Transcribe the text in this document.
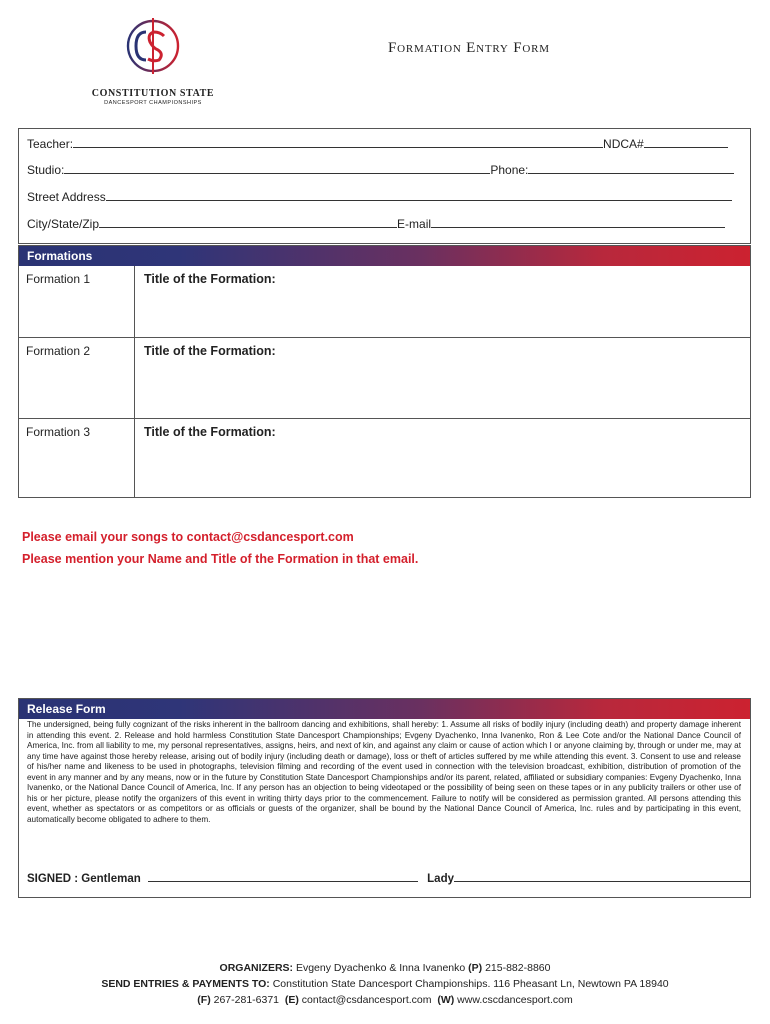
CONSTITUTION STATE
DANCESPORT CHAMPIONSHIPS
Formation Entry Form
Teacher:	NDCA#
Studio:	Phone:
Street Address
City/State/Zip	E-mail
Formations
Formation 1	Title of the Formation:
Formation 2	Title of the Formation:
Formation 3	Title of the Formation:
Please email your songs to contact@csdancesport.com
Please mention your Name and Title of the Formation in that email.
Release Form
The undersigned, being fully cognizant of the risks inherent in the ballroom dancing and exhibitions, shall hereby: 1. Assume all risks of bodily injury (including death) and property damage inherent in attending this event. 2. Release and hold harmless Constitution State Dancesport Championships; Evgeny Dyachenko, Inna Ivanenko, Ron & Lee Cote and/or the National Dance Council of America, Inc. from all liability to me, my personal representatives, assigns, heirs, and next of kin, and against any claim or cause of action which I or anyone claiming by, through or under me, may at any time have against those hereby release, arising out of bodily injury (including death or damage), loss or theft of articles suffered by me while attending this event. 3. Consent to use and release of his/her name and likeness to be used in photographs, television filming and recording of the event used in connection with the television broadcast, exhibition, distribution of promotion of the event in any manner and by any means, now or in the future by Constitution State Dancesport Championships and/or its parent, related, affiliated or subsidiary companies: Evgeny Dyachenko, Inna Ivanenko, or the National Dance Council of America, Inc. If any person has an objection to being videotaped or the possibility of being seen on these tapes or in any publicity trailers or other use of his or her picture, please notify the organizers of this event in writing thirty days prior to the commencement. Failure to notify will be considered as permission granted. All persons attending this event, whether as spectators or as competitors or as officials or guests of the organizer, shall be bound by the National Dance Council of America, Inc. rules and by participating in this event, automatically become obligated to adhere to them.
SIGNED : Gentleman	Lady
ORGANIZERS: Evgeny Dyachenko & Inna Ivanenko (P) 215-882-8860
SEND ENTRIES & PAYMENTS TO: Constitution State Dancesport Championships. 116 Pheasant Ln, Newtown PA 18940
(F) 267-281-6371 (E) contact@csdancesport.com (W) www.cscdancesport.com
